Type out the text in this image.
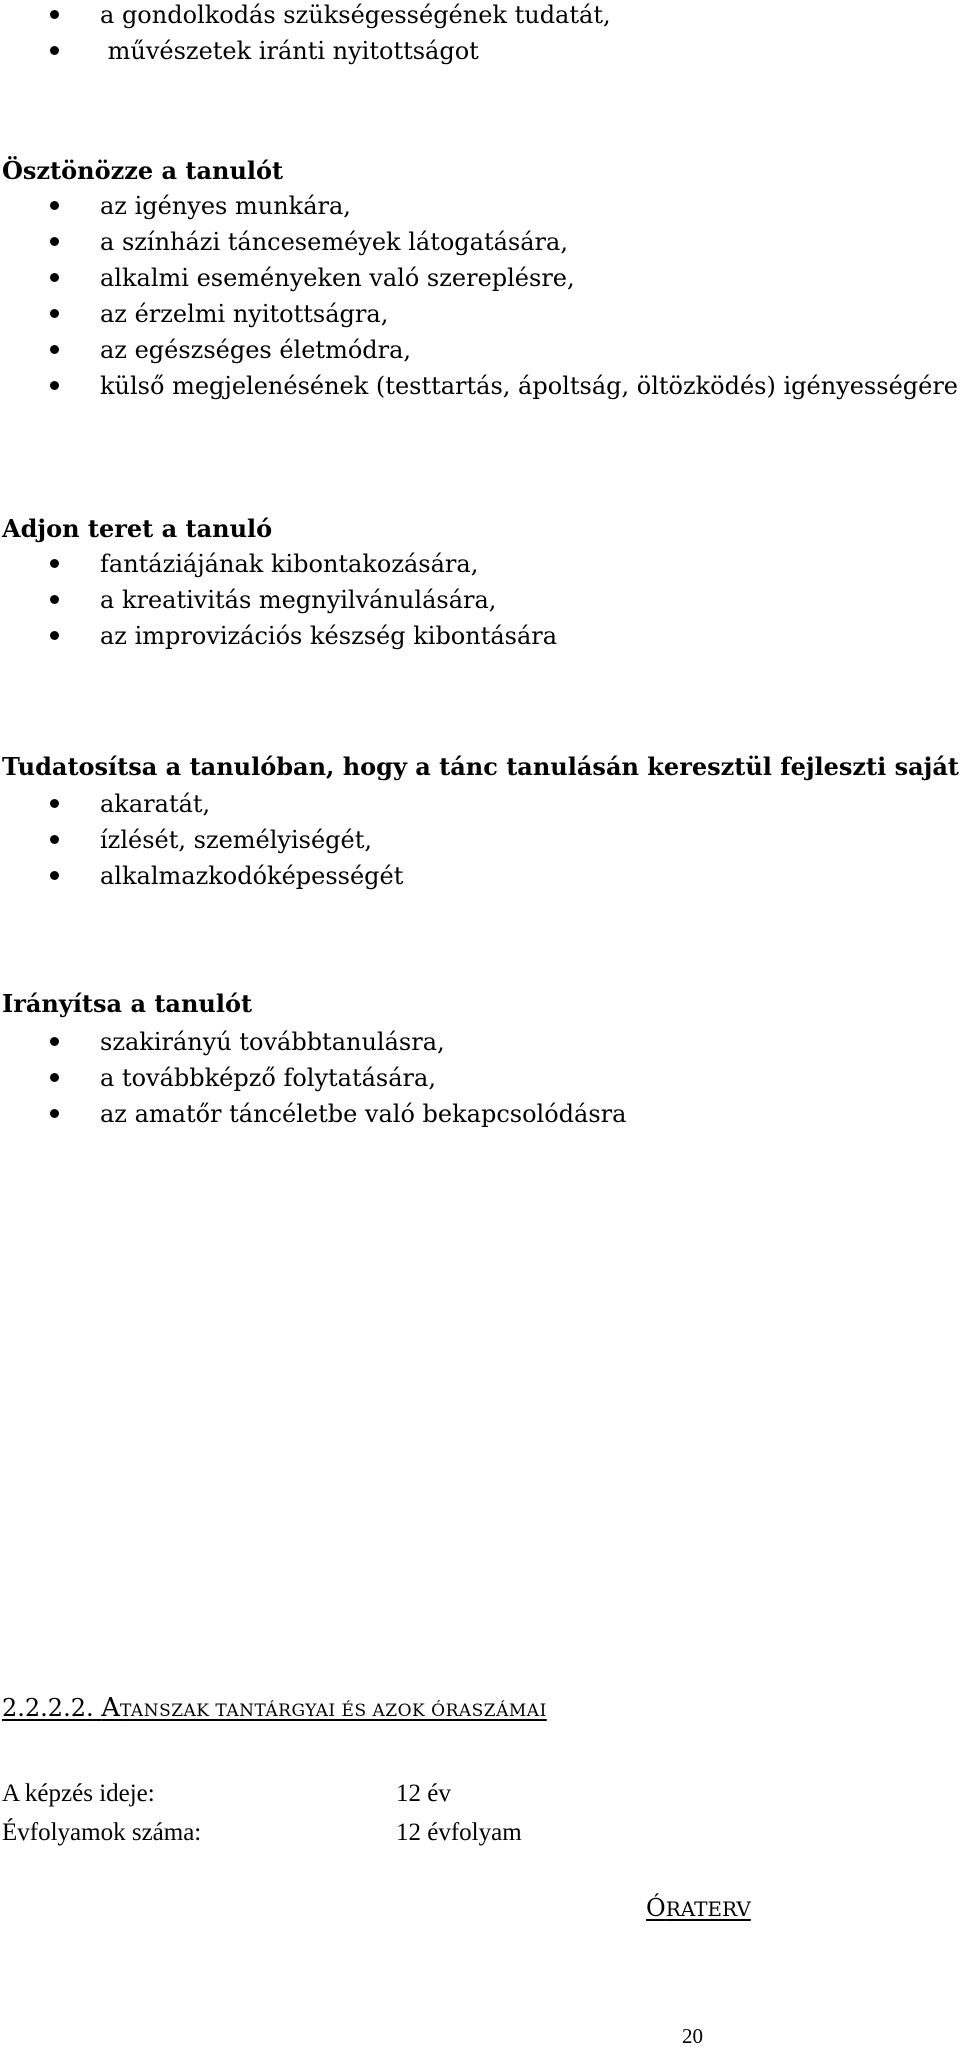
a gondolkodás szükségességének tudatát,
művészetek iránti nyitottságot
Ösztönözze a tanulót
az igényes munkára,
a színházi tánceseméyek látogatására,
alkalmi eseményeken való szereplésre,
az érzelmi nyitottságra,
az egészséges életmódra,
külső megjelenésének (testtartás, ápoltság, öltözködés) igényességére
Adjon teret a tanuló
fantáziájának kibontakozására,
a kreativitás megnyilvánulására,
az improvizációs készség kibontására
Tudatosítsa a tanulóban, hogy a tánc tanulásán keresztül fejleszti saját
akaratát,
ízlését, személyiségét,
alkalmazkodóképességét
Irányítsa a tanulót
szakirányú továbbtanulásra,
a továbbképző folytatására,
az amatőr táncéletbe való bekapcsolódásra
2.2.2.2. ATANSZAK TANTÁRGYAI ÉS AZOK ÓRASZÁMAI
A képzés ideje:	12 év
Évfolyamok száma:	12 évfolyam
ÓRATERV
20
